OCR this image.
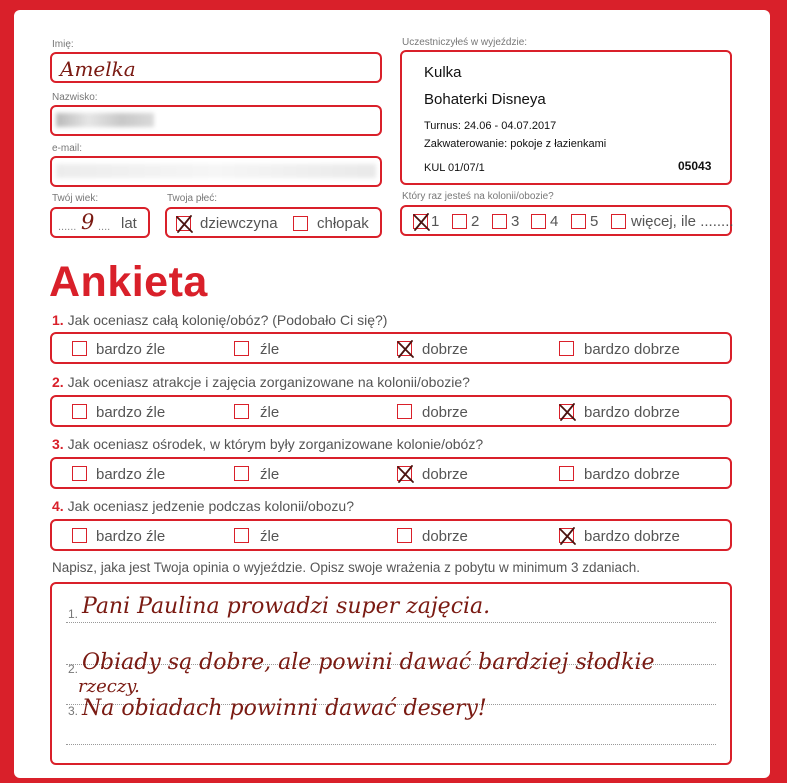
Imię:
Amelka
Nazwisko:
e-mail:
Twój wiek:
...... 9 .... lat
Twoja płeć:
dziewczyna	chłopak
Uczestniczyłeś w wyjeździe:
Kulka
Bohaterki Disneya
Turnus: 24.06 - 04.07.2017
Zakwaterowanie: pokoje z łazienkami
KUL 01/07/1	05043
Który raz jesteś na kolonii/obozie?
1 2 3 4 5 więcej, ile ........
Ankieta
1. Jak oceniasz całą kolonię/obóz? (Podobało Ci się?)
bardzo źle	źle	dobrze	bardzo dobrze
2. Jak oceniasz atrakcje i zajęcia zorganizowane na kolonii/obozie?
bardzo źle	źle	dobrze	bardzo dobrze
3. Jak oceniasz ośrodek, w którym były zorganizowane kolonie/obóz?
bardzo źle	źle	dobrze	bardzo dobrze
4. Jak oceniasz jedzenie podczas kolonii/obozu?
bardzo źle	źle	dobrze	bardzo dobrze
Napisz, jaka jest Twoja opinia o wyjeździe. Opisz swoje wrażenia z pobytu w minimum 3 zdaniach.
1.
2.
3.
Pani Paulina prowadzi super zajęcia.
Obiady są dobre, ale powini dawać bardziej słodkie
rzeczy.
Na obiadach powinni dawać desery!
